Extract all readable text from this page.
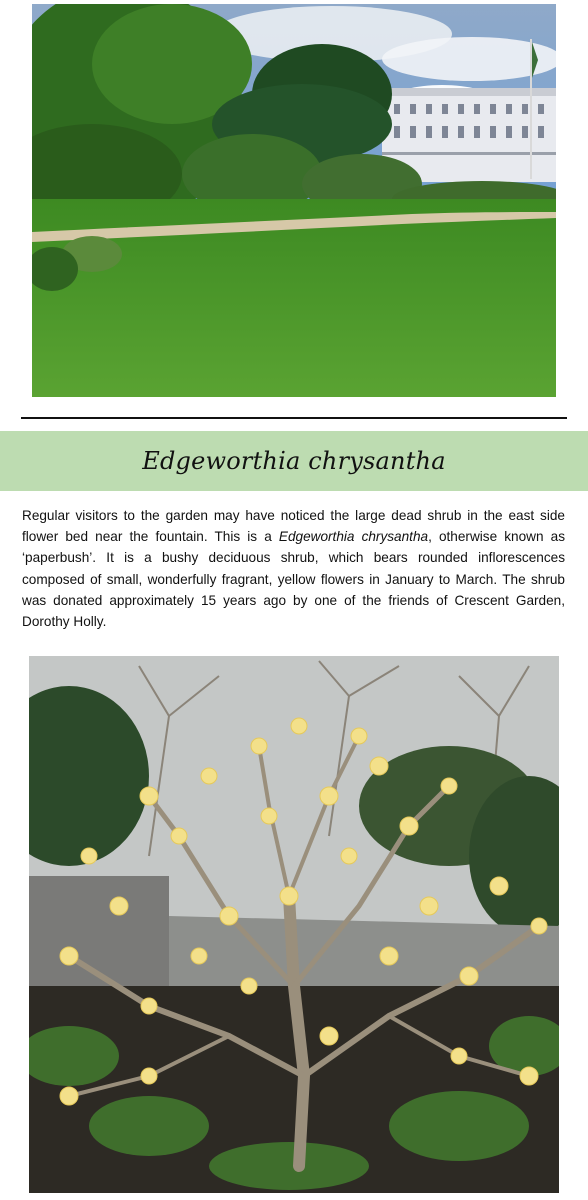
Edgeworthia chrysantha

Regular visitors to the garden may have noticed the large dead shrub in the east side flower bed near the fountain. This is a Edgeworthia chrysantha, otherwise known as ‘paperbush’. It is a bushy deciduous shrub, which bears rounded inflorescences composed of small, wonderfully fragrant, yellow flowers in January to March. The shrub was donated approximately 15 years ago by one of the friends of Crescent Garden, Dorothy Holly.
